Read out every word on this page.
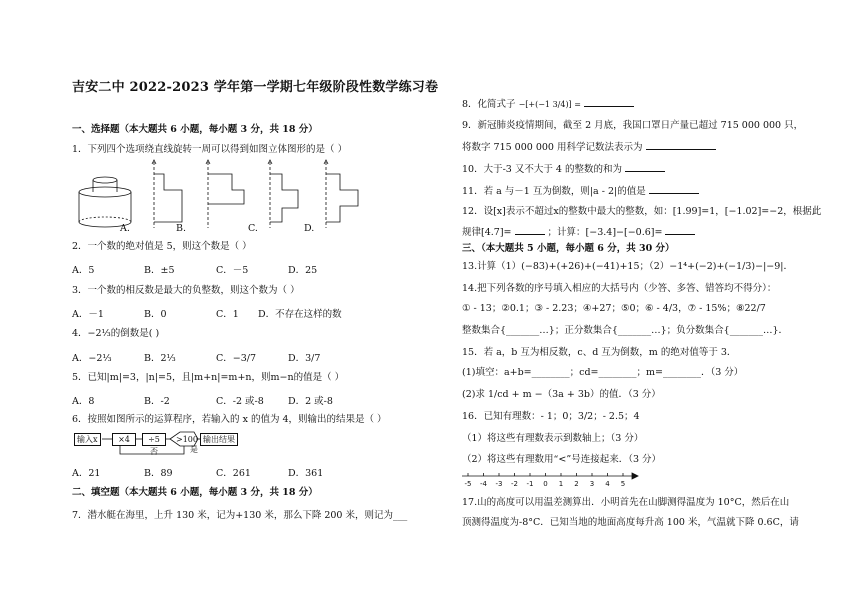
吉安二中 2022-2023 学年第一学期七年级阶段性数学练习卷
一、选择题（本大题共 6 小题，每小题 3 分，共 18 分）
1．下列四个选项绕直线旋转一周可以得到如图立体图形的是（ ）
A.	B.	C.	D.
2．一个数的绝对值是 5，则这个数是（ ）
A．5	B．±5	C．－5	D．25
3．一个数的相反数是最大的负整数，则这个数为（ ）
A．－1	B．0	C．1 D．不存在这样的数
4．−2⅓的倒数是( )
A．−2⅓	B．2⅓	C．−3/7	D．3/7
5．已知|m|=3，|n|=5，且|m+n|=m+n，则m−n的值是（ ）
A．8	B．-2	C．-2 或-8	D．2 或-8
6．按照如图所示的运算程序，若输入的 x 的值为 4，则输出的结果是（ ）
输入x	×4	÷5	输出结果
>100
否	是
A．21	B．89	C．261	D．361
二、填空题（本大题共 6 小题，每小题 3 分，共 18 分）
7．潜水艇在海里，上升 130 米，记为+130 米，那么下降 200 米，则记为___
8．化简式子 −[+(−1 3/4)] =
9．新冠肺炎疫情期间，截至 2 月底，我国口罩日产量已超过 715 000 000 只，
将数字 715 000 000 用科学记数法表示为
10．大于-3 又不大于 4 的整数的和为
11．若 a 与－1 互为倒数，则|a - 2|的值是
12．设[x]表示不超过x的整数中最大的整数，如：[1.99]=1，[−1.02]=−2，根据此
规律[4.7]=	；计算：[−3.4]−[−0.6]=
三、（本大题共 5 小题，每小题 6 分，共 30 分）
13.计算（1）(−83)+(+26)+(−41)+15；（2）−1⁴+(−2)+(−1/3)−|−9|．
14.把下列各数的序号填入相应的大括号内（少答、多答、错答均不得分）：
① - 13；②0.1；③ - 2.23；④+27；⑤0；⑥ - 4/3，⑦ - 15%；⑧22/7
整数集合{_______…}；正分数集合{_______…}；负分数集合{_______…}．
15．若 a，b 互为相反数，c、d 互为倒数，m 的绝对值等于 3．
(1)填空：a+b=________；cd=________；m=________．（3 分）
(2)求 1/cd + m −（3a + 3b）的值．（3 分）
16．已知有理数：- 1；0；3/2；- 2.5；4
（1）将这些有理数表示到数轴上；（3 分）
（2）将这些有理数用“<”号连接起来．（3 分）
-5 -4 -3 -2 -1 0 1 2 3 4 5
17.山的高度可以用温差测算出．小明首先在山脚测得温度为 10°C，然后在山
顶测得温度为-8°C．已知当地的地面高度每升高 100 米，气温就下降 0.6C，请
